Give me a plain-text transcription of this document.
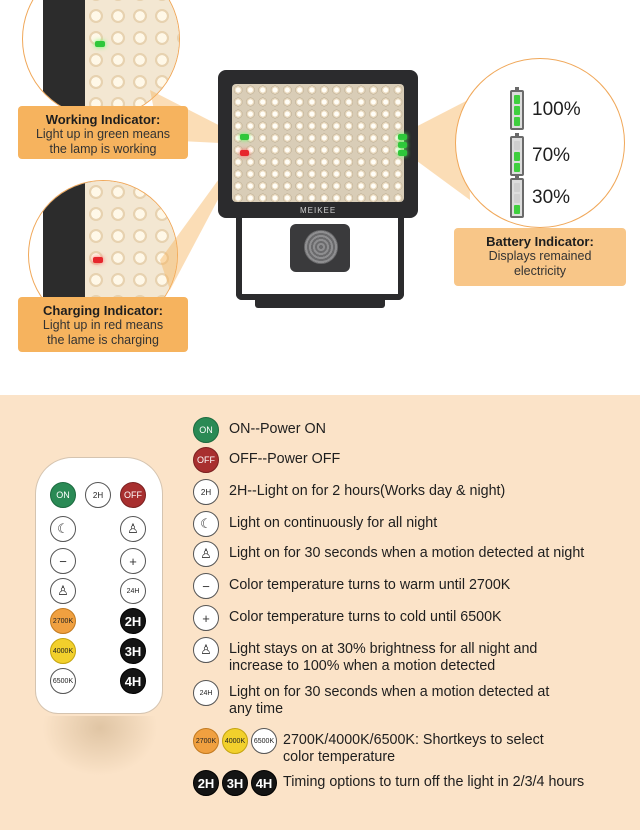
MEIKEE
Working Indicator:
Light up in green means
the lamp is working
Charging Indicator:
Light up in red means
the lame is charging
Battery Indicator:
Displays remained
electricity
100%
70%
30%
ON	2H	OFF
☾	♙
−	+
♙	24H
2700K	2H
4000K	3H
6500K	4H
ON	ON--Power ON
OFF OFF--Power OFF
2H	2H--Light on for 2 hours(Works day & night)
☾	Light on continuously for all night
♙	Light on for 30 seconds when a motion detected at night
−	Color temperature turns to warm until 2700K
+	Color temperature turns to cold until 6500K
♙	Light stays on at 30% brightness for all night and
increase to 100% when a motion detected
24H	Light on for 30 seconds when a motion detected at
any time
2700K	4000K	6500K 2700K/4000K/6500K: Shortkeys to select
color temperature
2H 3H 4H Timing options to turn off the light in 2/3/4 hours
